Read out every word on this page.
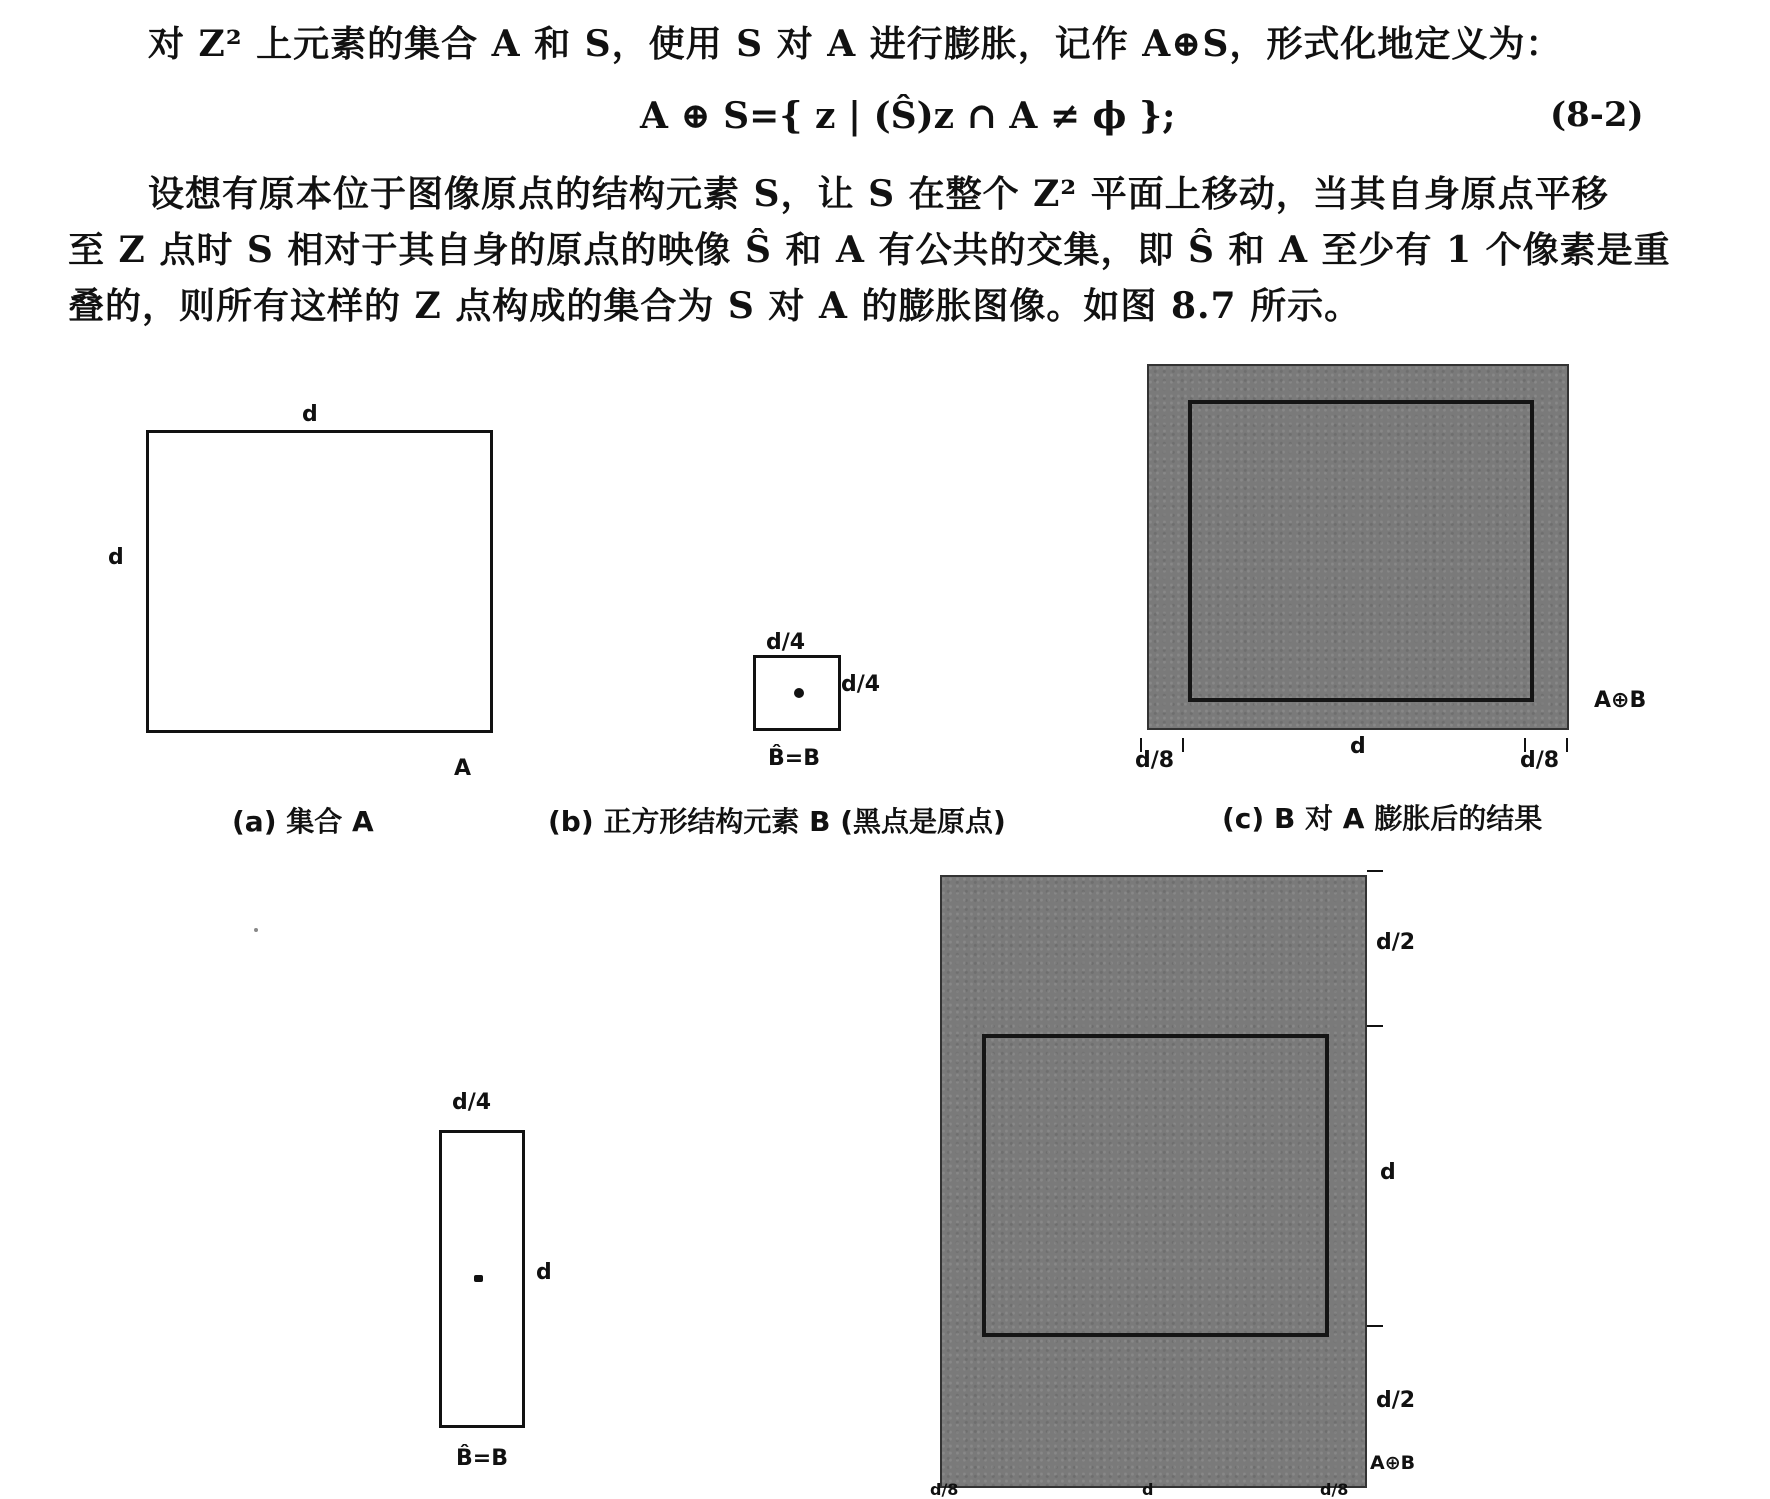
对 Z² 上元素的集合 A 和 S，使用 S 对 A 进行膨胀，记作 A⊕S，形式化地定义为：
A ⊕ S={ z | (Ŝ)z ∩ A ≠ ϕ };	(8-2)
设想有原本位于图像原点的结构元素 S，让 S 在整个 Z² 平面上移动，当其自身原点平移
至 Z 点时 S 相对于其自身的原点的映像 Ŝ 和 A 有公共的交集，即 Ŝ 和 A 至少有 1 个像素是重
叠的，则所有这样的 Z 点构成的集合为 S 对 A 的膨胀图像。如图 8.7 所示。
d
d
A
(a) 集合 A
d/4
d/4
B̂=B
(b) 正方形结构元素 B (黑点是原点)
A⊕B
d/8
d
d/8
(c) B 对 A 膨胀后的结果
d/4
d
B̂=B
d/2
d
d/2
A⊕B
d/8	d	d/8
